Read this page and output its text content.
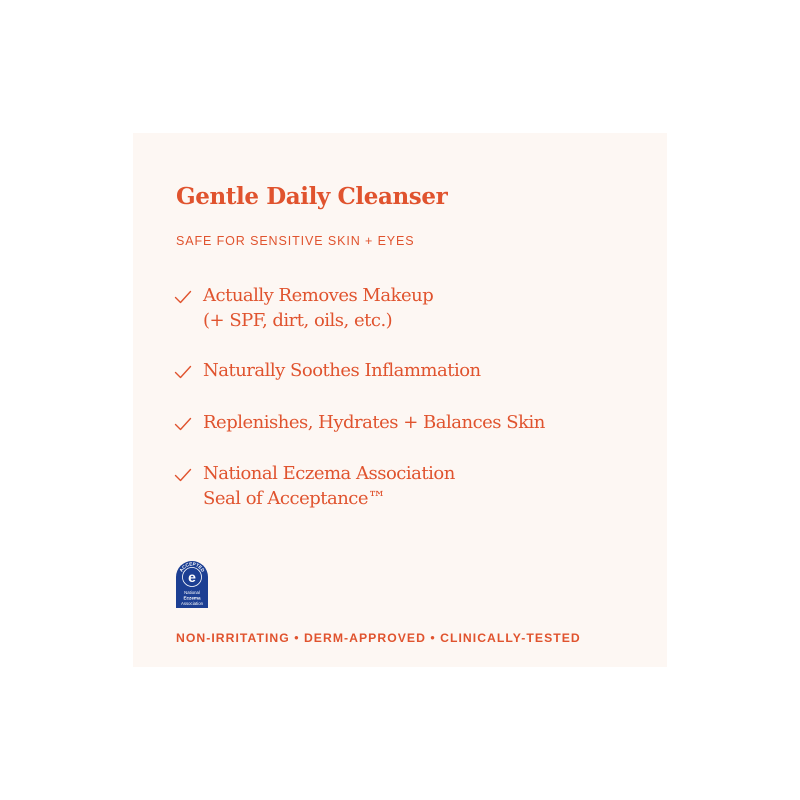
Gentle Daily Cleanser

SAFE FOR SENSITIVE SKIN + EYES

Actually Removes Makeup
(+ SPF, dirt, oils, etc.)
Naturally Soothes Inflammation
Replenishes, Hydrates + Balances Skin
National Eczema Association
Seal of Acceptance™
ACCEPTED
e
National
Eczema
Association

NON-IRRITATING • DERM-APPROVED • CLINICALLY-TESTED
